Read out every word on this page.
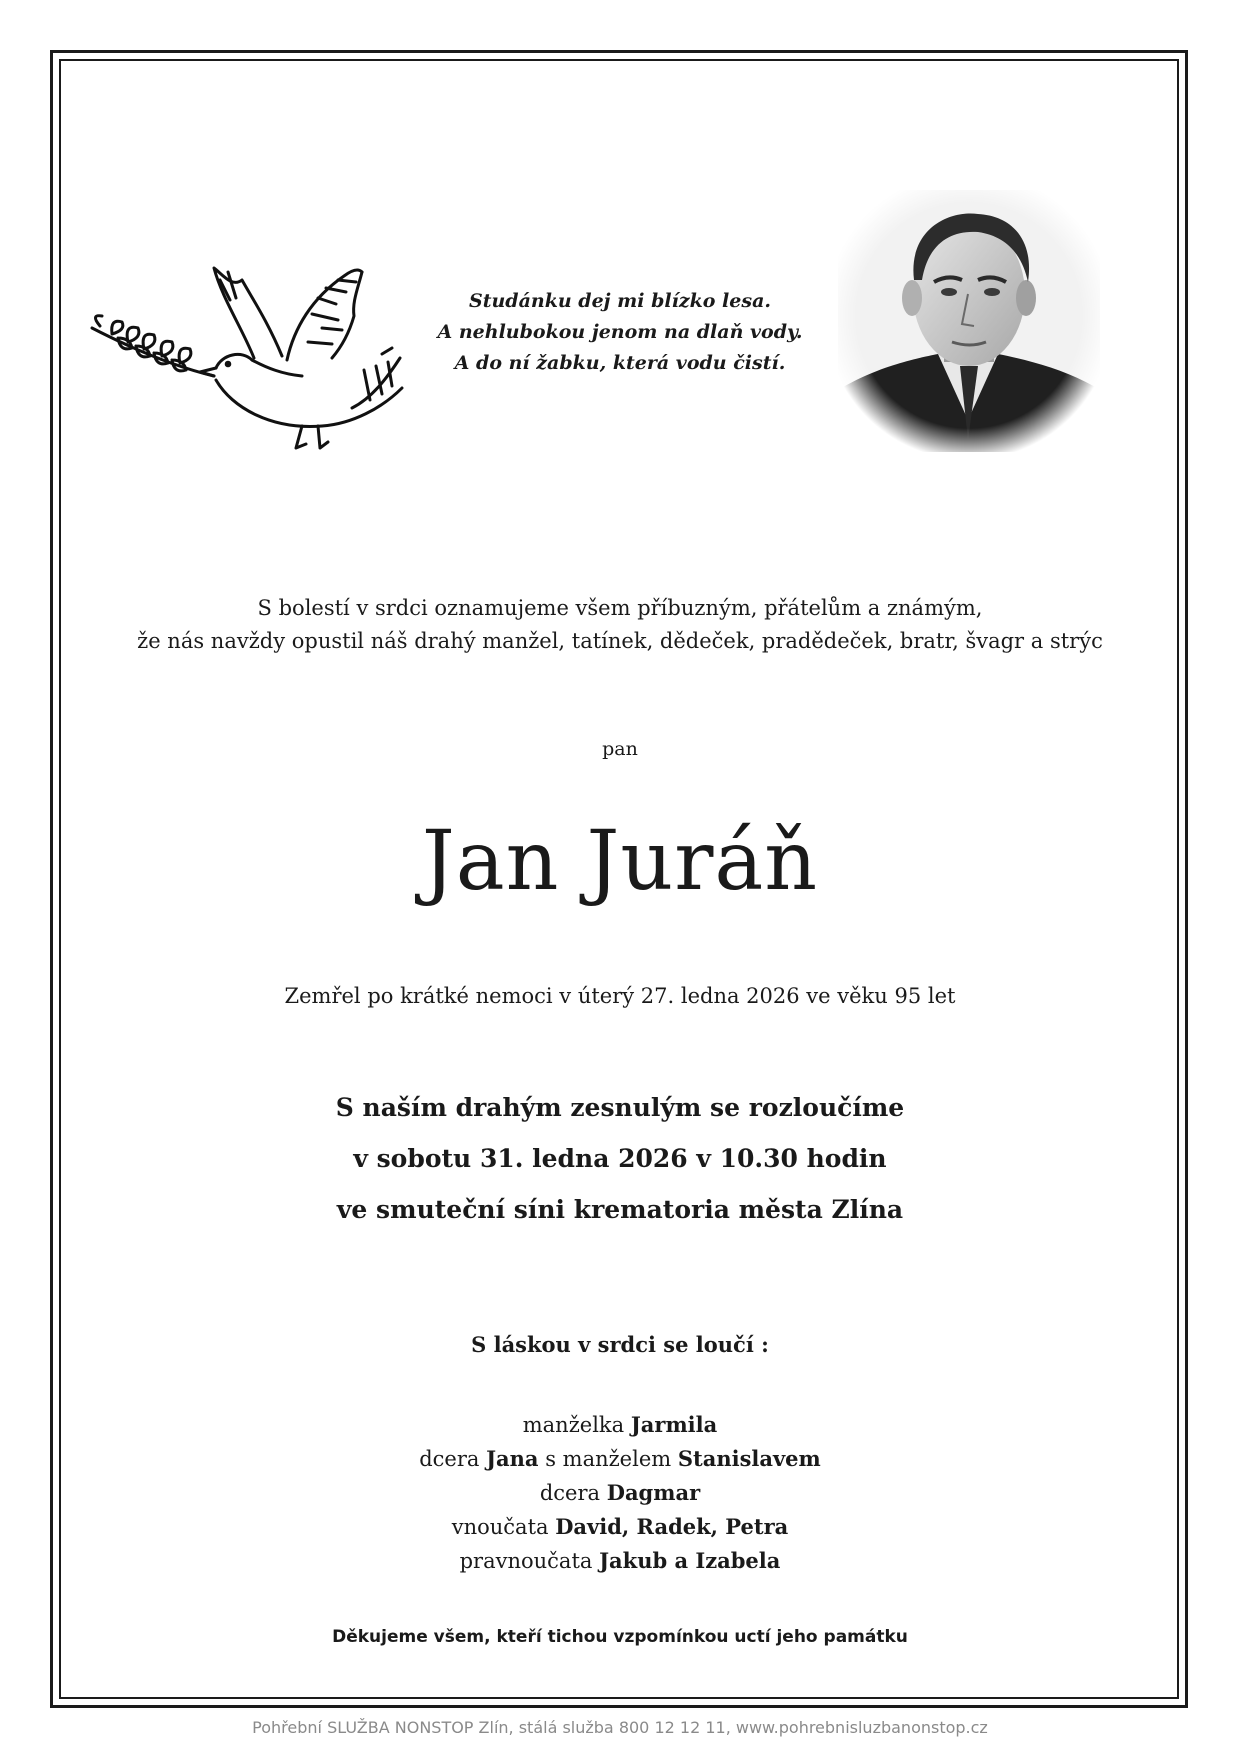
Studánku dej mi blízko lesa.
A nehlubokou jenom na dlaň vody.
A do ní žabku, která vodu čistí.
S bolestí v srdci oznamujeme všem příbuzným, přátelům a známým,
že nás navždy opustil náš drahý manžel, tatínek, dědeček, pradědeček, bratr, švagr a strýc
pan
Jan Juráň
Zemřel po krátké nemoci v úterý 27. ledna 2026 ve věku 95 let
S naším drahým zesnulým se rozloučíme
v sobotu 31. ledna 2026 v 10.30 hodin
ve smuteční síni krematoria města Zlína
S láskou v srdci se loučí :
manželka Jarmila
dcera Jana s manželem Stanislavem
dcera Dagmar
vnoučata David, Radek, Petra
pravnoučata Jakub a Izabela
Děkujeme všem, kteří tichou vzpomínkou uctí jeho památku
Pohřební SLUŽBA NONSTOP Zlín, stálá služba 800 12 12 11, www.pohrebnisluzbanonstop.cz
